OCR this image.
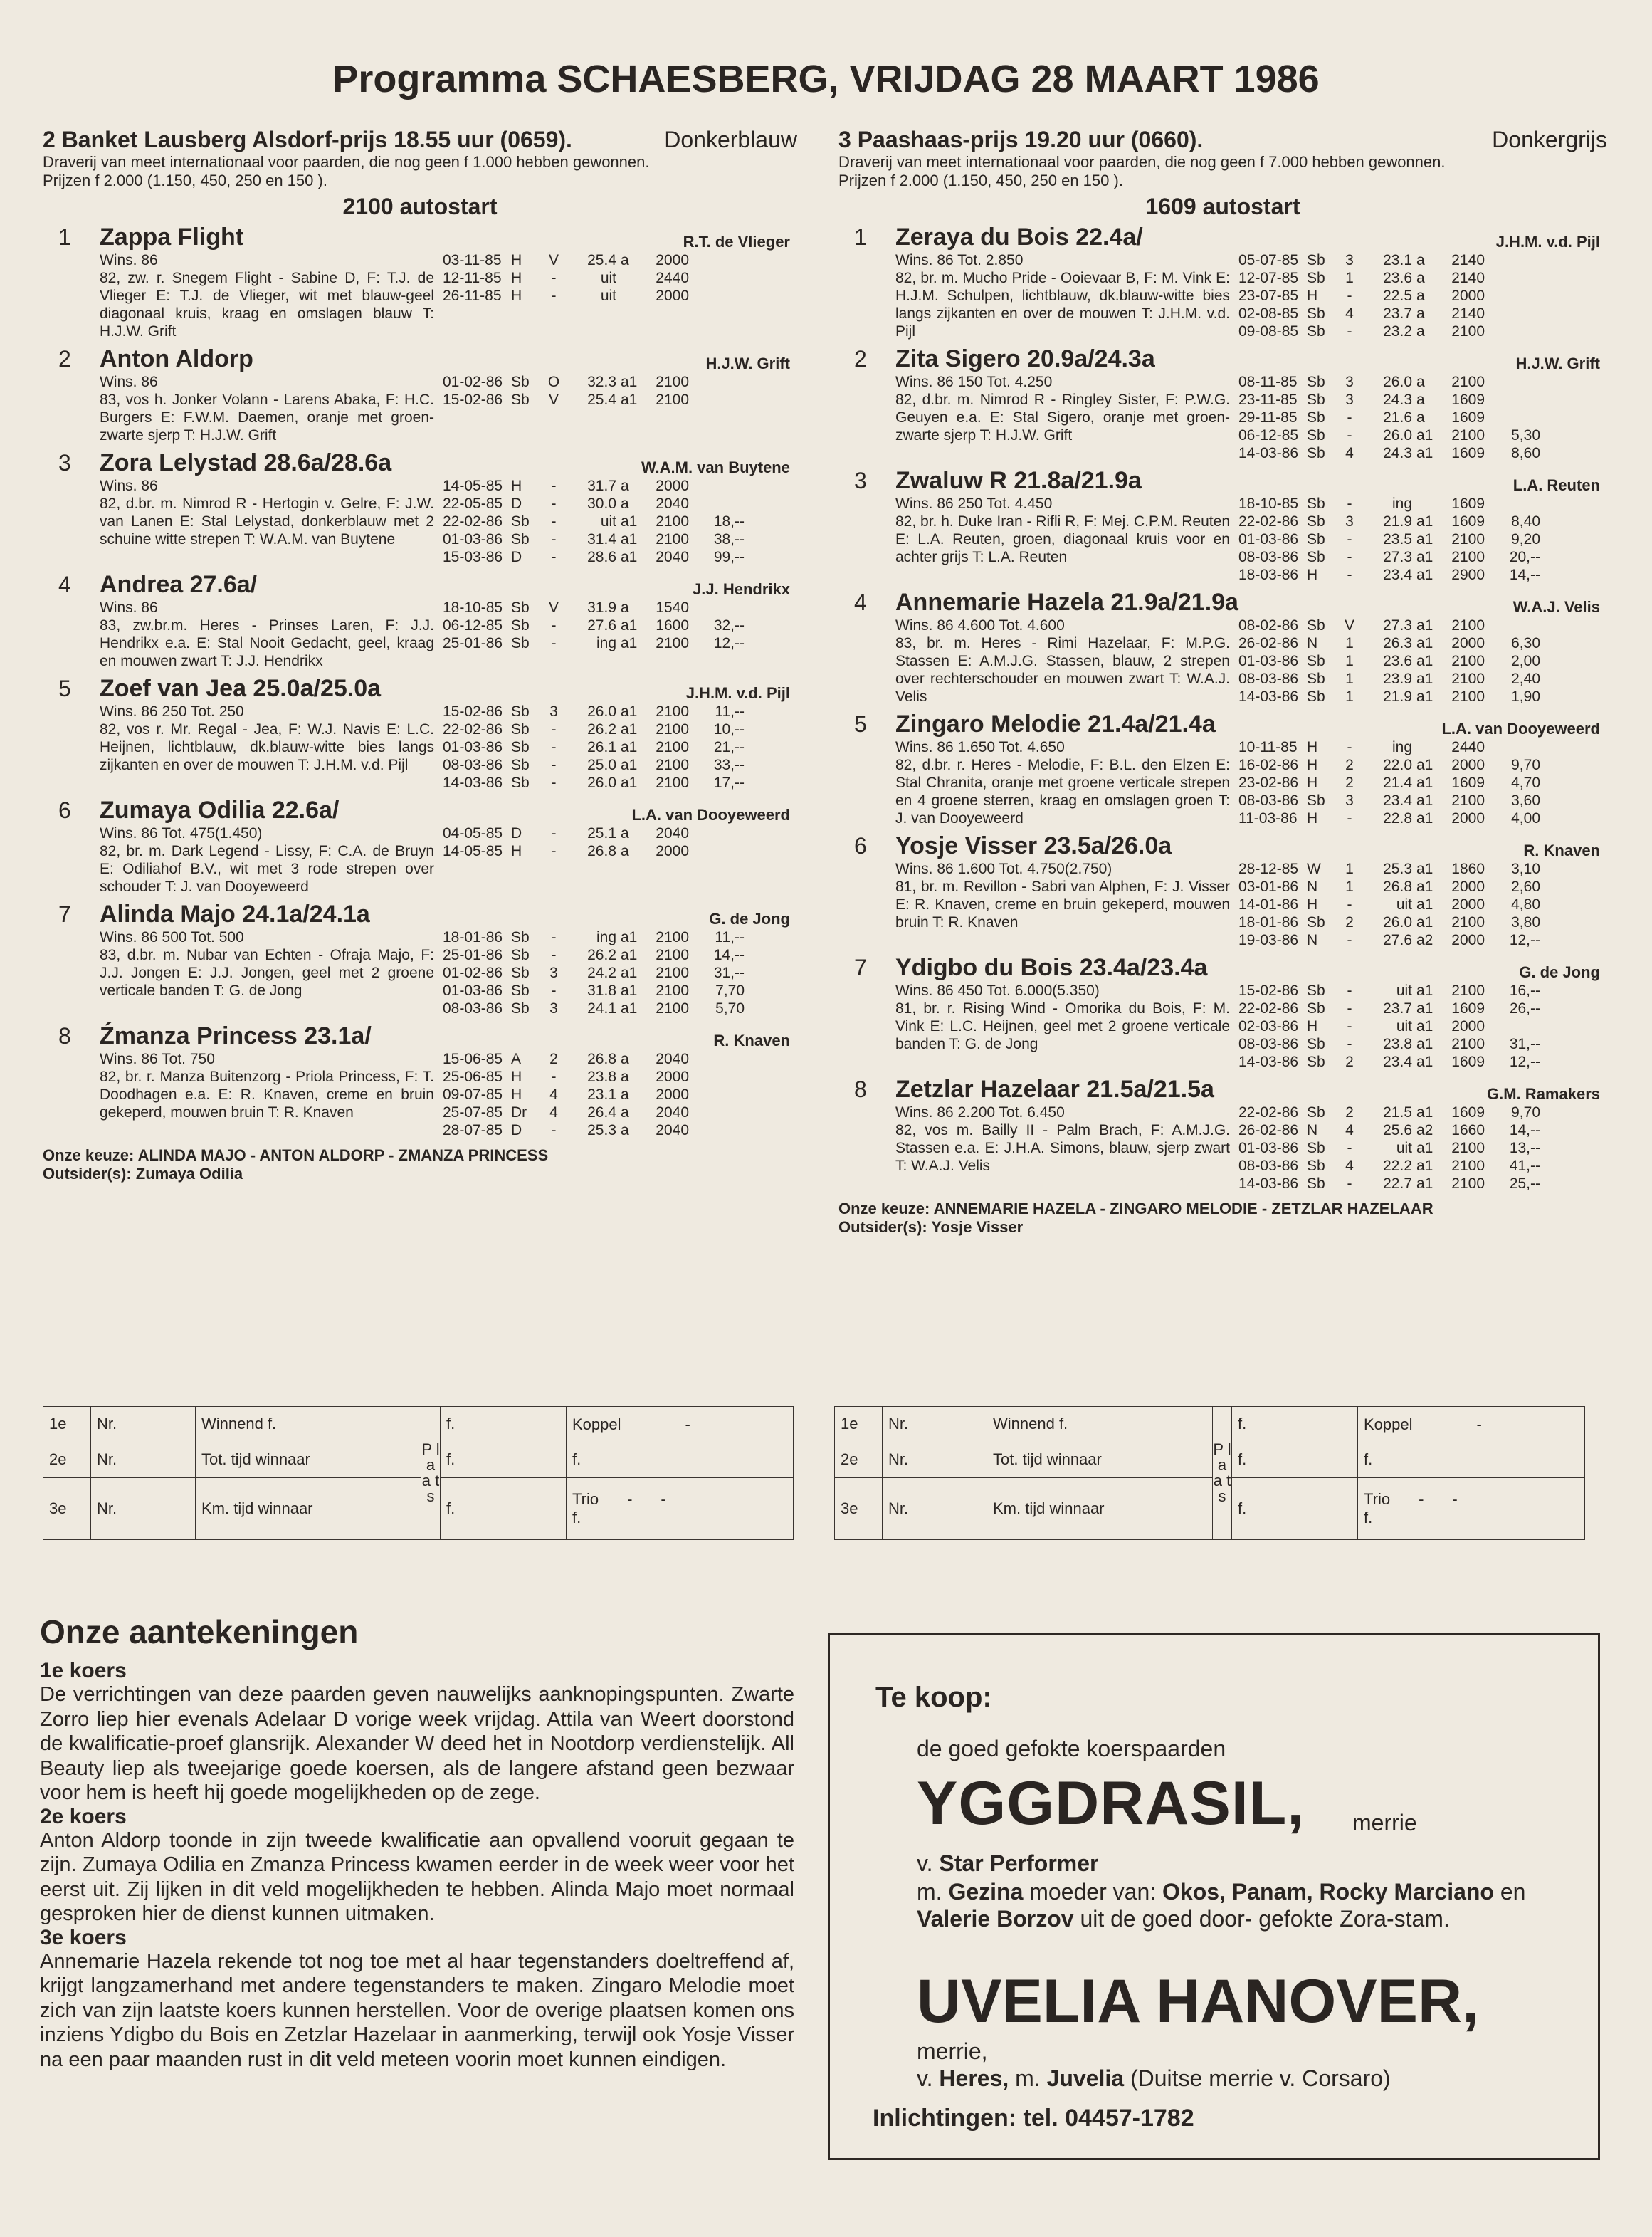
Programma SCHAESBERG, VRIJDAG 28 MAART 1986
2 Banket Lausberg Alsdorf-prijs 18.55 uur (0659).	Donkerblauw
Draverij van meet internationaal voor paarden, die nog geen f 1.000 hebben gewonnen.
Prijzen f 2.000 (1.150, 450, 250 en 150 ).
2100 autostart
1	Zappa Flight	R.T. de Vlieger
Wins. 86
82, zw. r. Snegem Flight - Sabine D, F: T.J. de Vlieger E: T.J. de Vlieger, wit met blauw-geel diagonaal kruis, kraag en omslagen blauw T: H.J.W. Grift
03-11-85 H	V	25.4 a	2000
12-11-85 H	-	uit	2440
26-11-85 H	-	uit	2000
2	Anton Aldorp	H.J.W. Grift
Wins. 86
83, vos h. Jonker Volann - Larens Abaka, F: H.C. Burgers E: F.W.M. Daemen, oranje met groen-zwarte sjerp T: H.J.W. Grift
01-02-86 Sb	O	32.3 a1	2100
15-02-86 Sb	V	25.4 a1	2100
3	Zora Lelystad 28.6a/28.6a	W.A.M. van Buytene
Wins. 86
82, d.br. m. Nimrod R - Hertogin v. Gelre, F: J.W. van Lanen E: Stal Lelystad, donkerblauw met 2 schuine witte strepen T: W.A.M. van Buytene
14-05-85 H	-	31.7 a	2000
22-05-85 D	-	30.0 a	2040
22-02-86 Sb	-	uit a1	2100	18,--
01-03-86 Sb	-	31.4 a1	2100	38,--
15-03-86 D	-	28.6 a1	2040	99,--
4	Andrea 27.6a/	J.J. Hendrikx
Wins. 86
83, zw.br.m. Heres - Prinses Laren, F: J.J. Hendrikx e.a. E: Stal Nooit Gedacht, geel, kraag en mouwen zwart T: J.J. Hendrikx
18-10-85 Sb	V	31.9 a	1540
06-12-85 Sb	-	27.6 a1	1600	32,--
25-01-86 Sb	-	ing a1	2100	12,--
5	Zoef van Jea 25.0a/25.0a	J.H.M. v.d. Pijl
Wins. 86 250 Tot. 250
82, vos r. Mr. Regal - Jea, F: W.J. Navis E: L.C. Heijnen, lichtblauw, dk.blauw-witte bies langs zijkanten en over de mouwen T: J.H.M. v.d. Pijl
15-02-86 Sb	3	26.0 a1	2100	11,--
22-02-86 Sb	-	26.2 a1	2100	10,--
01-03-86 Sb	-	26.1 a1	2100	21,--
08-03-86 Sb	-	25.0 a1	2100	33,--
14-03-86 Sb	-	26.0 a1	2100	17,--
6	Zumaya Odilia 22.6a/	L.A. van Dooyeweerd
Wins. 86 Tot. 475(1.450)
82, br. m. Dark Legend - Lissy, F: C.A. de Bruyn E: Odiliahof B.V., wit met 3 rode strepen over schouder T: J. van Dooyeweerd
04-05-85 D	-	25.1 a	2040
14-05-85 H	-	26.8 a	2000
7	Alinda Majo 24.1a/24.1a	G. de Jong
Wins. 86 500 Tot. 500
83, d.br. m. Nubar van Echten - Ofraja Majo, F: J.J. Jongen E: J.J. Jongen, geel met 2 groene verticale banden T: G. de Jong
18-01-86 Sb	-	ing a1	2100	11,--
25-01-86 Sb	-	26.2 a1	2100	14,--
01-02-86 Sb	3	24.2 a1	2100	31,--
01-03-86 Sb	-	31.8 a1	2100	7,70
08-03-86 Sb	3	24.1 a1	2100	5,70
8	Źmanza Princess 23.1a/	R. Knaven
Wins. 86 Tot. 750
82, br. r. Manza Buitenzorg - Priola Princess, F: T. Doodhagen e.a. E: R. Knaven, creme en bruin gekeperd, mouwen bruin T: R. Knaven
15-06-85 A	2	26.8 a	2040
25-06-85 H	-	23.8 a	2000
09-07-85 H	4	23.1 a	2000
25-07-85 Dr	4	26.4 a	2040
28-07-85 D	-	25.3 a	2040
Onze keuze: ALINDA MAJO - ANTON ALDORP - ZMANZA PRINCESS
Outsider(s): Zumaya Odilia
3 Paashaas-prijs 19.20 uur (0660).	Donkergrijs
Draverij van meet internationaal voor paarden, die nog geen f 7.000 hebben gewonnen.
Prijzen f 2.000 (1.150, 450, 250 en 150 ).
1609 autostart
1	Zeraya du Bois 22.4a/	J.H.M. v.d. Pijl
Wins. 86 Tot. 2.850
82, br. m. Mucho Pride - Ooievaar B, F: M. Vink E: H.J.M. Schulpen, lichtblauw, dk.blauw-witte bies langs zijkanten en over de mouwen T: J.H.M. v.d. Pijl
05-07-85 Sb	3	23.1 a	2140
12-07-85 Sb	1	23.6 a	2140
23-07-85 H	-	22.5 a	2000
02-08-85 Sb	4	23.7 a	2140
09-08-85 Sb	-	23.2 a	2100
2	Zita Sigero 20.9a/24.3a	H.J.W. Grift
Wins. 86 150 Tot. 4.250
82, d.br. m. Nimrod R - Ringley Sister, F: P.W.G. Geuyen e.a. E: Stal Sigero, oranje met groen-zwarte sjerp T: H.J.W. Grift
08-11-85 Sb	3	26.0 a	2100
23-11-85 Sb	3	24.3 a	1609
29-11-85 Sb	-	21.6 a	1609
06-12-85 Sb	-	26.0 a1	2100	5,30
14-03-86 Sb	4	24.3 a1	1609	8,60
3	Zwaluw R 21.8a/21.9a	L.A. Reuten
Wins. 86 250 Tot. 4.450
82, br. h. Duke Iran - Rifli R, F: Mej. C.P.M. Reuten E: L.A. Reuten, groen, diagonaal kruis voor en achter grijs T: L.A. Reuten
18-10-85 Sb	-	ing	1609
22-02-86 Sb	3	21.9 a1	1609	8,40
01-03-86 Sb	-	23.5 a1	2100	9,20
08-03-86 Sb	-	27.3 a1	2100	20,--
18-03-86 H	-	23.4 a1	2900	14,--
4	Annemarie Hazela 21.9a/21.9a	W.A.J. Velis
Wins. 86 4.600 Tot. 4.600
83, br. m. Heres - Rimi Hazelaar, F: M.P.G. Stassen E: A.M.J.G. Stassen, blauw, 2 strepen over rechterschouder en mouwen zwart T: W.A.J. Velis
08-02-86 Sb	V	27.3 a1	2100
26-02-86 N	1	26.3 a1	2000	6,30
01-03-86 Sb	1	23.6 a1	2100	2,00
08-03-86 Sb	1	23.9 a1	2100	2,40
14-03-86 Sb	1	21.9 a1	2100	1,90
5	Zingaro Melodie 21.4a/21.4a	L.A. van Dooyeweerd
Wins. 86 1.650 Tot. 4.650
82, d.br. r. Heres - Melodie, F: B.L. den Elzen E: Stal Chranita, oranje met groene verticale strepen en 4 groene sterren, kraag en omslagen groen T: J. van Dooyeweerd
10-11-85 H	-	ing	2440
16-02-86 H	2	22.0 a1	2000	9,70
23-02-86 H	2	21.4 a1	1609	4,70
08-03-86 Sb	3	23.4 a1	2100	3,60
11-03-86 H	-	22.8 a1	2000	4,00
6	Yosje Visser 23.5a/26.0a	R. Knaven
Wins. 86 1.600 Tot. 4.750(2.750)
81, br. m. Revillon - Sabri van Alphen, F: J. Visser E: R. Knaven, creme en bruin gekeperd, mouwen bruin T: R. Knaven
28-12-85 W	1	25.3 a1	1860	3,10
03-01-86 N	1	26.8 a1	2000	2,60
14-01-86 H	-	uit a1	2000	4,80
18-01-86 Sb	2	26.0 a1	2100	3,80
19-03-86 N	-	27.6 a2	2000	12,--
7	Ydigbo du Bois 23.4a/23.4a	G. de Jong
Wins. 86 450 Tot. 6.000(5.350)
81, br. r. Rising Wind - Omorika du Bois, F: M. Vink E: L.C. Heijnen, geel met 2 groene verticale banden T: G. de Jong
15-02-86 Sb	-	uit a1	2100	16,--
22-02-86 Sb	-	23.7 a1	1609	26,--
02-03-86 H	-	uit a1	2000
08-03-86 Sb	-	23.8 a1	2100	31,--
14-03-86 Sb	2	23.4 a1	1609	12,--
8	Zetzlar Hazelaar 21.5a/21.5a	G.M. Ramakers
Wins. 86 2.200 Tot. 6.450
82, vos m. Bailly II - Palm Brach, F: A.M.J.G. Stassen e.a. E: J.H.A. Simons, blauw, sjerp zwart T: W.A.J. Velis
22-02-86 Sb	2	21.5 a1	1609	9,70
26-02-86 N	4	25.6 a2	1660	14,--
01-03-86 Sb	-	uit a1	2100	13,--
08-03-86 Sb	4	22.2 a1	2100	41,--
14-03-86 Sb	-	22.7 a1	2100	25,--
Onze keuze: ANNEMARIE HAZELA - ZINGARO MELODIE - ZETZLAR HAZELAAR
Outsider(s): Yosje Visser
1e	Nr.	Winnend f.	P l a a t s	f.	Koppel -
2e	Nr.	Tot. tijd winnaar		f.	f.
3e	Nr.	Km. tijd winnaar		f.	Trio - -
f.
1e	Nr.	Winnend f.	P l a a t s	f.	Koppel -
2e	Nr.	Tot. tijd winnaar		f.	f.
3e	Nr.	Km. tijd winnaar		f.	Trio - -
f.
Onze aantekeningen
1e koers

De verrichtingen van deze paarden geven nauwelijks aanknopingspunten. Zwarte Zorro liep hier evenals Adelaar D vorige week vrijdag. Attila van Weert doorstond de kwalificatie-proef glansrijk. Alexander W deed het in Nootdorp verdienstelijk. All Beauty liep als tweejarige goede koersen, als de langere afstand geen bezwaar voor hem is heeft hij goede mogelijkheden op de zege.

2e koers

Anton Aldorp toonde in zijn tweede kwalificatie aan opvallend vooruit gegaan te zijn. Zumaya Odilia en Zmanza Princess kwamen eerder in de week weer voor het eerst uit. Zij lijken in dit veld mogelijkheden te hebben. Alinda Majo moet normaal gesproken hier de dienst kunnen uitmaken.

3e koers

Annemarie Hazela rekende tot nog toe met al haar tegenstanders doeltreffend af, krijgt langzamerhand met andere tegenstanders te maken. Zingaro Melodie moet zich van zijn laatste koers kunnen herstellen. Voor de overige plaatsen komen ons inziens Ydigbo du Bois en Zetzlar Hazelaar in aanmerking, terwijl ook Yosje Visser na een paar maanden rust in dit veld meteen voorin moet kunnen eindigen.

Te koop:
de goed gefokte koerspaarden
YGGDRASIL, merrie
v. Star Performer
m. Gezina moeder van: Okos, Panam, Rocky Marciano en Valerie Borzov uit de goed door- gefokte Zora-stam.
UVELIA HANOVER,
merrie,
v. Heres, m. Juvelia (Duitse merrie v. Corsaro)
Inlichtingen: tel. 04457-1782
